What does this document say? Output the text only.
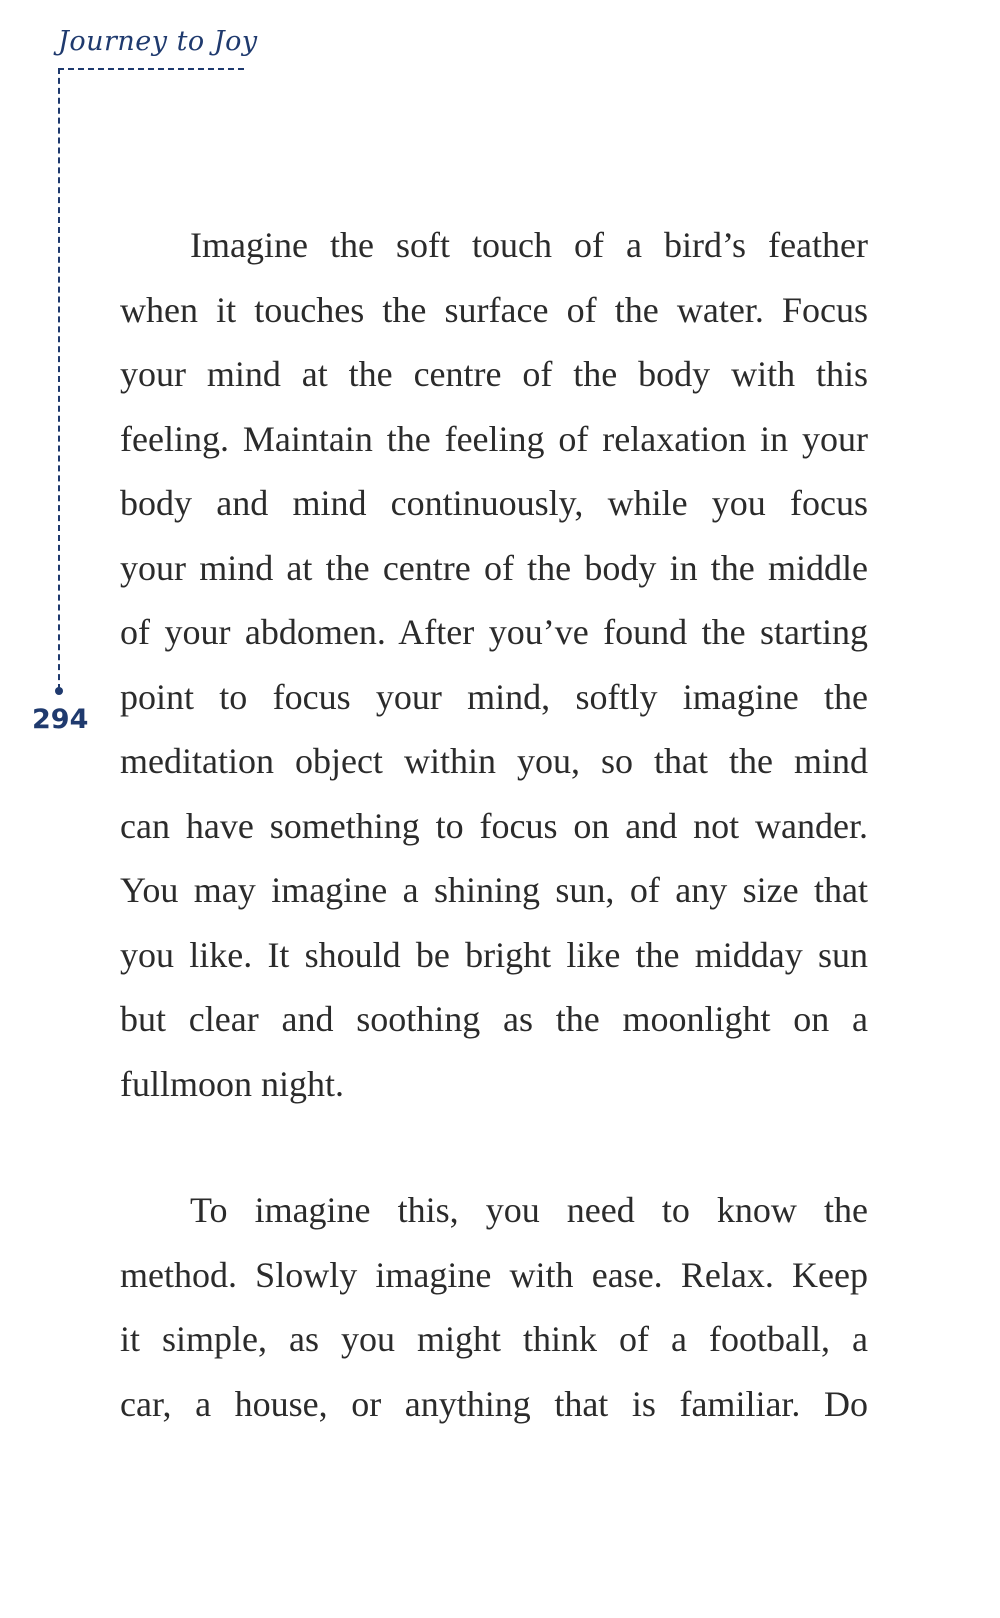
Journey to Joy
294
Imagine the soft touch of a bird’s feather
when it touches the surface of the water. Focus
your mind at the centre of the body with this
feeling. Maintain the feeling of relaxation in your
body and mind continuously, while you focus
your mind at the centre of the body in the middle
of your abdomen. After you’ve found the starting
point to focus your mind, softly imagine the
meditation object within you, so that the mind
can have something to focus on and not wander.
You may imagine a shining sun, of any size that
you like. It should be bright like the midday sun
but clear and soothing as the moonlight on a
fullmoon night.
To imagine this, you need to know the
method. Slowly imagine with ease. Relax. Keep
it simple, as you might think of a football, a
car, a house, or anything that is familiar. Do
